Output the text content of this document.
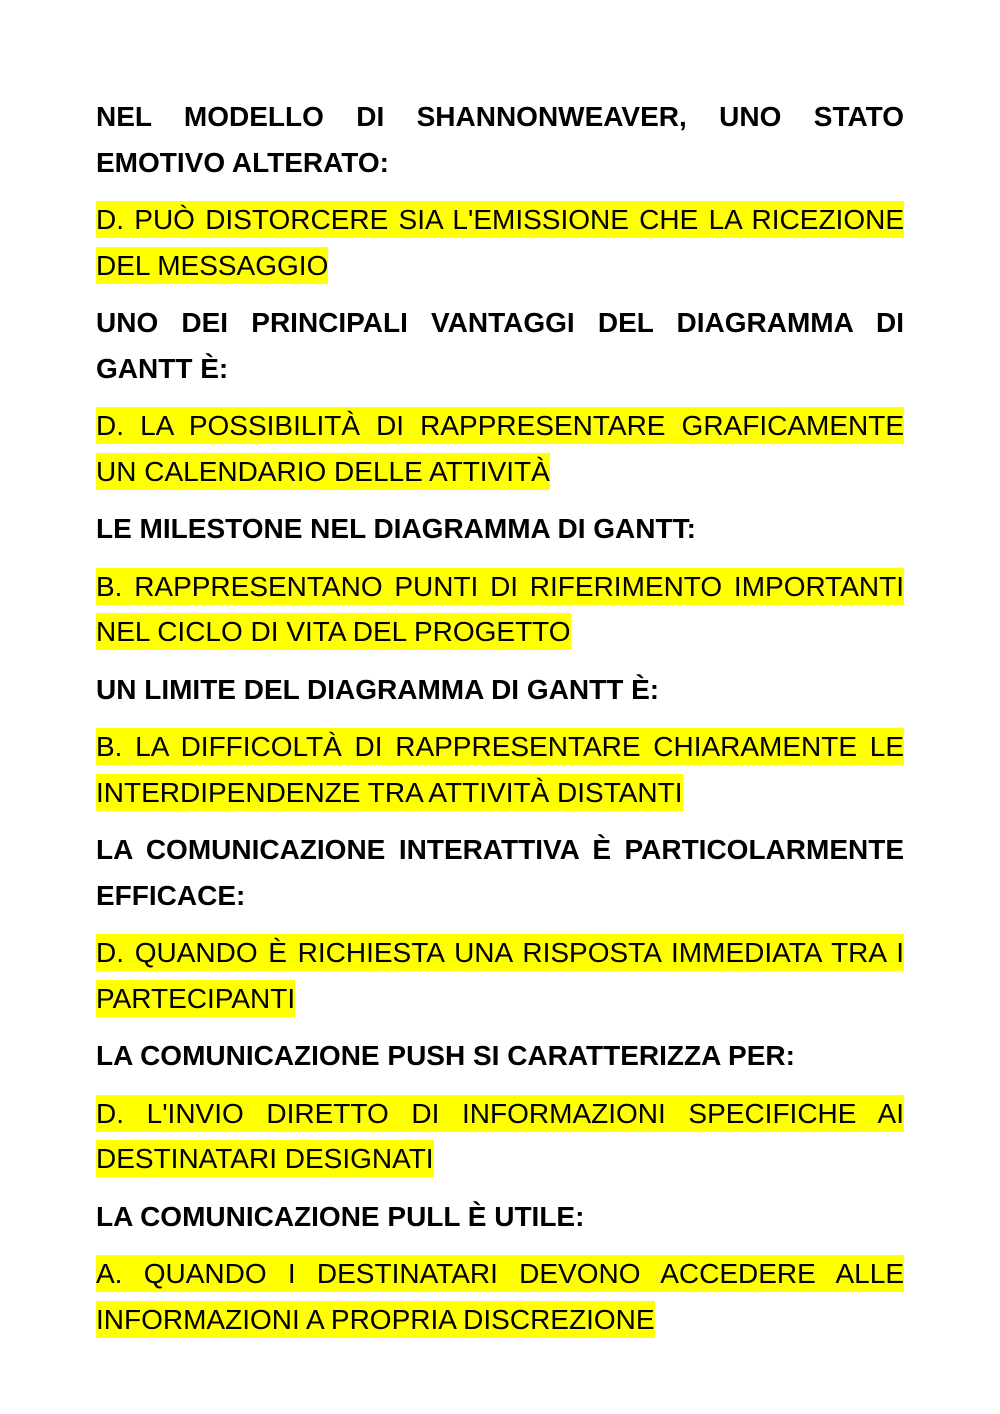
NEL MODELLO DI SHANNONWEAVER, UNO STATO EMOTIVO ALTERATO:

D. PUÒ DISTORCERE SIA L'EMISSIONE CHE LA RICEZIONE DEL MESSAGGIO

UNO DEI PRINCIPALI VANTAGGI DEL DIAGRAMMA DI GANTT È:

D. LA POSSIBILITÀ DI RAPPRESENTARE GRAFICAMENTE UN CALENDARIO DELLE ATTIVITÀ

LE MILESTONE NEL DIAGRAMMA DI GANTT:

B. RAPPRESENTANO PUNTI DI RIFERIMENTO IMPORTANTI NEL CICLO DI VITA DEL PROGETTO

UN LIMITE DEL DIAGRAMMA DI GANTT È:

B. LA DIFFICOLTÀ DI RAPPRESENTARE CHIARAMENTE LE INTERDIPENDENZE TRA ATTIVITÀ DISTANTI

LA COMUNICAZIONE INTERATTIVA È PARTICOLARMENTE EFFICACE:

D. QUANDO È RICHIESTA UNA RISPOSTA IMMEDIATA TRA I PARTECIPANTI

LA COMUNICAZIONE PUSH SI CARATTERIZZA PER:

D. L'INVIO DIRETTO DI INFORMAZIONI SPECIFICHE AI DESTINATARI DESIGNATI

LA COMUNICAZIONE PULL È UTILE:

A. QUANDO I DESTINATARI DEVONO ACCEDERE ALLE INFORMAZIONI A PROPRIA DISCREZIONE
